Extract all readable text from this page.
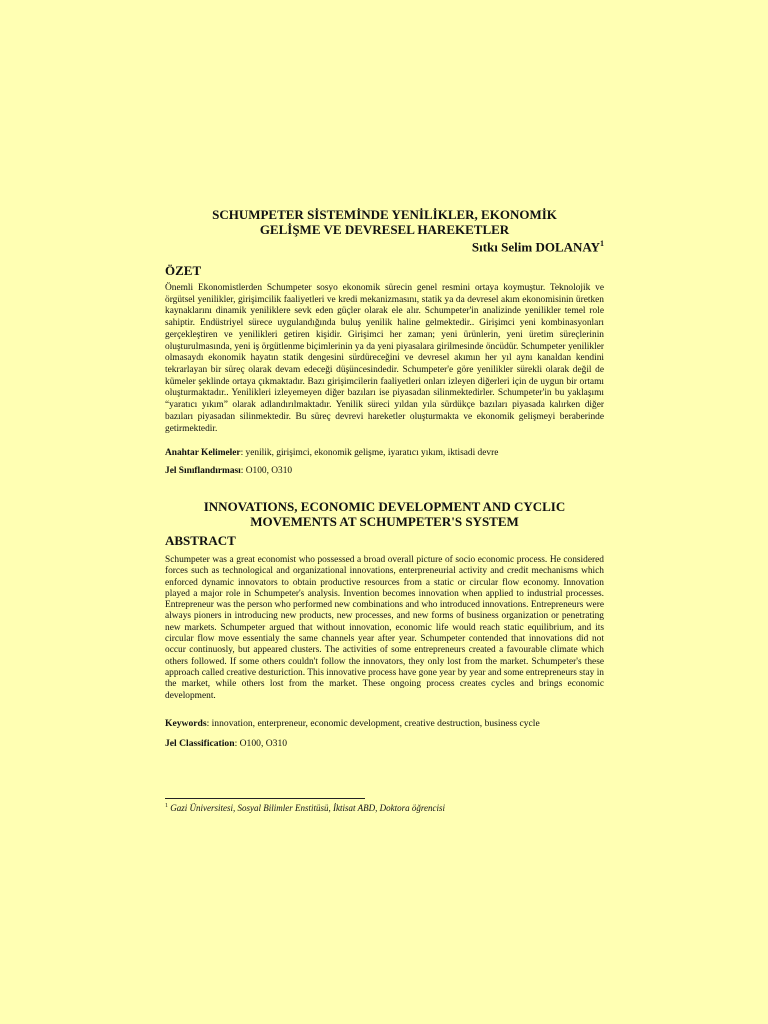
SCHUMPETER SİSTEMİNDE YENİLİKLER, EKONOMİK
GELİŞME VE DEVRESEL HAREKETLER
Sıtkı Selim DOLANAY$^1$
ÖZET

Önemli Ekonomistlerden Schumpeter sosyo ekonomik sürecin genel resmini ortaya koymuştur. Teknolojik ve örgütsel yenilikler, girişimcilik faaliyetleri ve kredi mekanizmasını, statik ya da devresel akım ekonomisinin üretken kaynaklarını dinamik yeniliklere sevk eden güçler olarak ele alır. Schumpeter'in analizinde yenilikler temel role sahiptir. Endüstriyel sürece uygulandığında buluş yenilik haline gelmektedir.. Girişimci yeni kombinasyonları gerçekleştiren ve yenilikleri getiren kişidir. Girişimci her zaman; yeni ürünlerin, yeni üretim süreçlerinin oluşturulmasında, yeni iş örgütlenme biçimlerinin ya da yeni piyasalara girilmesinde öncüdür. Schumpeter yenilikler olmasaydı ekonomik hayatın statik dengesini sürdüreceğini ve devresel akımın her yıl aynı kanaldan kendini tekrarlayan bir süreç olarak devam edeceği düşüncesindedir. Schumpeter'e göre yenilikler sürekli olarak değil de kümeler şeklinde ortaya çıkmaktadır. Bazı girişimcilerin faaliyetleri onları izleyen diğerleri için de uygun bir ortamı oluşturmaktadır.. Yenilikleri izleyemeyen diğer bazıları ise piyasadan silinmektedirler. Schumpeter'in bu yaklaşımı “yaratıcı yıkım” olarak adlandırılmaktadır. Yenilik süreci yıldan yıla sürdükçe bazıları piyasada kalırken diğer bazıları piyasadan silinmektedir. Bu süreç devrevi hareketler oluşturmakta ve ekonomik gelişmeyi beraberinde getirmektedir.

Anahtar Kelimeler: yenilik, girişimci, ekonomik gelişme, iyaratıcı yıkım, iktisadi devre
Jel Sınıflandırması: O100, O310
INNOVATIONS, ECONOMIC DEVELOPMENT AND CYCLIC
MOVEMENTS AT SCHUMPETER'S SYSTEM
ABSTRACT

Schumpeter was a great economist who possessed a broad overall picture of socio economic process. He considered forces such as technological and organizational innovations, enterpreneurial activity and credit mechanisms which enforced dynamic innovators to obtain productive resources from a static or circular flow economy. Innovation played a major role in Schumpeter's analysis. Invention becomes innovation when applied to industrial processes. Entrepreneur was the person who performed new combinations and who introduced innovations. Entrepreneurs were always pioners in introducing new products, new processes, and new forms of business organization or penetrating new markets. Schumpeter argued that without innovation, economic life would reach static equilibrium, and its circular flow move essentialy the same channels year after year. Schumpeter contended that innovations did not occur continuosly, but appeared clusters. The activities of some entrepreneurs created a favourable climate which others followed. If some others couldn't follow the innovators, they only lost from the market. Schumpeter's these approach called creative desturiction. This innovative process have gone year by year and some entrepreneurs stay in the market, while others lost from the market. These ongoing process creates cycles and brings economic development.

Keywords: innovation, enterpreneur, economic development, creative destruction, business cycle
Jel Classification: O100, O310
$^1$ Gazi Üniversitesi, Sosyal Bilimler Enstitüsü, İktisat ABD, Doktora öğrencisi
